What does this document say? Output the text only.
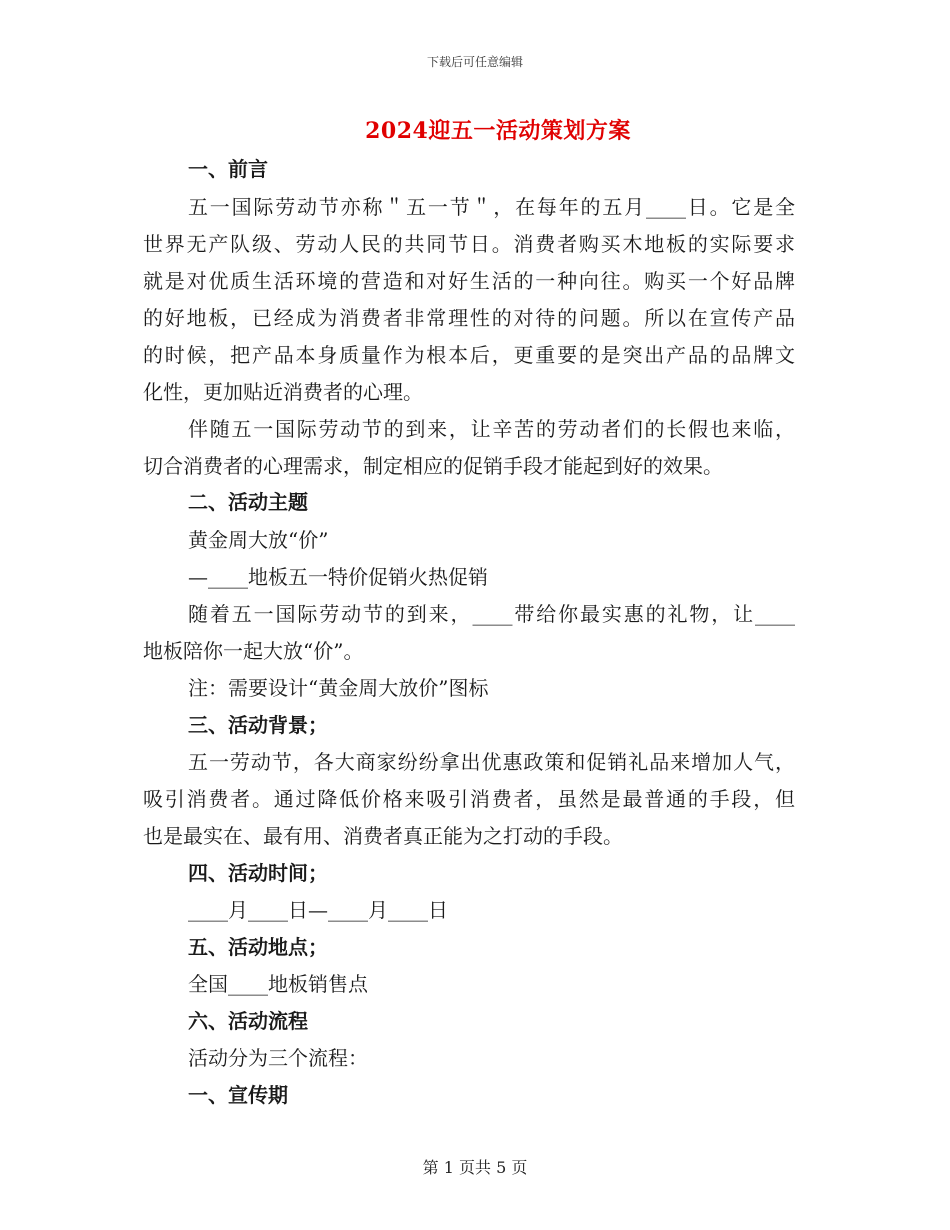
下载后可任意编辑
2024迎五一活动策划方案
一、前言
五一国际劳动节亦称＂五一节＂，在每年的五月____日。它是全
世界无产队级、劳动人民的共同节日。消费者购买木地板的实际要求
就是对优质生活环境的营造和对好生活的一种向往。购买一个好品牌
的好地板，已经成为消费者非常理性的对待的问题。所以在宣传产品
的时候，把产品本身质量作为根本后，更重要的是突出产品的品牌文
化性，更加贴近消费者的心理。
伴随五一国际劳动节的到来，让辛苦的劳动者们的长假也来临，
切合消费者的心理需求，制定相应的促销手段才能起到好的效果。
二、活动主题
黄金周大放“价”
—____地板五一特价促销火热促销
随着五一国际劳动节的到来，____带给你最实惠的礼物，让____
地板陪你一起大放“价”。
注：需要设计“黄金周大放价”图标
三、活动背景；
五一劳动节，各大商家纷纷拿出优惠政策和促销礼品来增加人气，
吸引消费者。通过降低价格来吸引消费者，虽然是最普通的手段，但
也是最实在、最有用、消费者真正能为之打动的手段。
四、活动时间；
____月____日—____月____日
五、活动地点；
全国____地板销售点
六、活动流程
活动分为三个流程：
一、宣传期
第 1 页共 5 页
